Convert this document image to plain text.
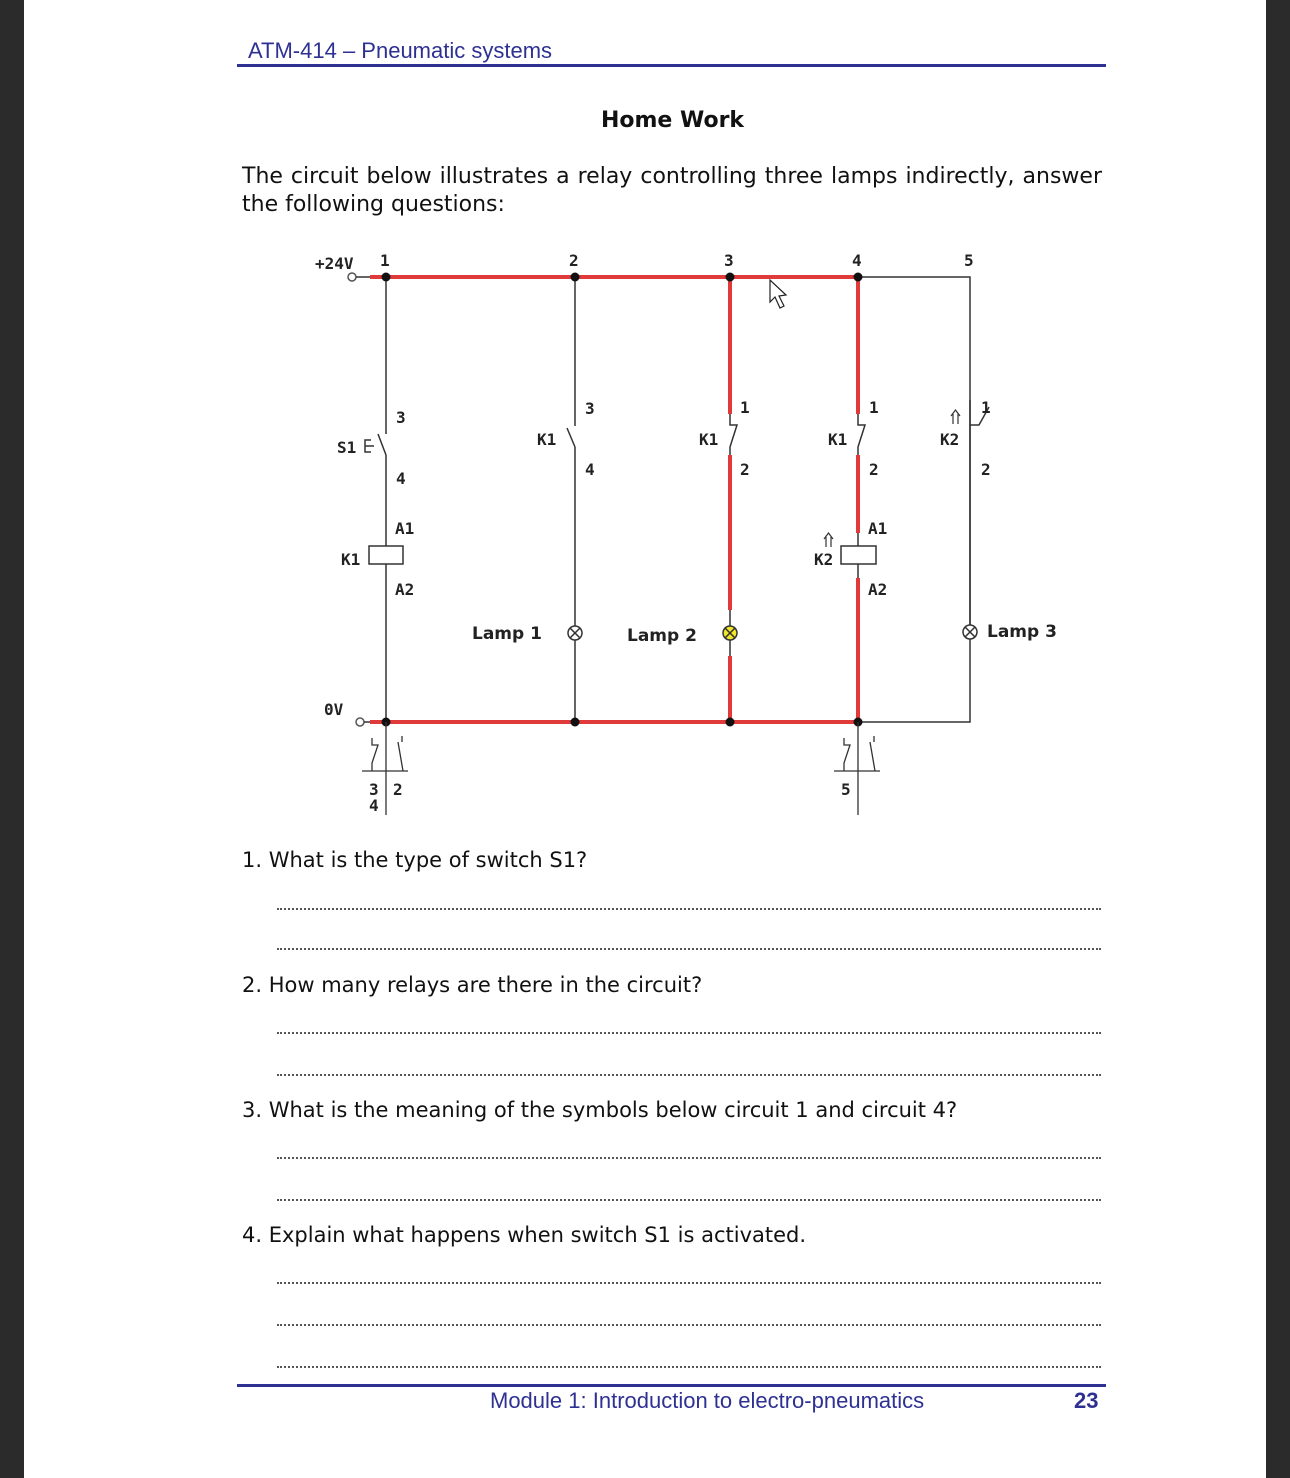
ATM-414 – Pneumatic systems
Home Work
The circuit below illustrates a relay controlling three lamps indirectly, answer the following questions:
+24V
0V
1	2	3	4	5
3
S1
4
A1
K1
A2
3
K1
4
Lamp 1
1
K1
2
Lamp 2
1
K1
2
A1
K2
A2
1
K2
2
Lamp 3
3
4
2	5
1. What is the type of switch S1?
2. How many relays are there in the circuit?
3. What is the meaning of the symbols below circuit 1 and circuit 4?
4. Explain what happens when switch S1 is activated.
Module 1: Introduction to electro-pneumatics	23
